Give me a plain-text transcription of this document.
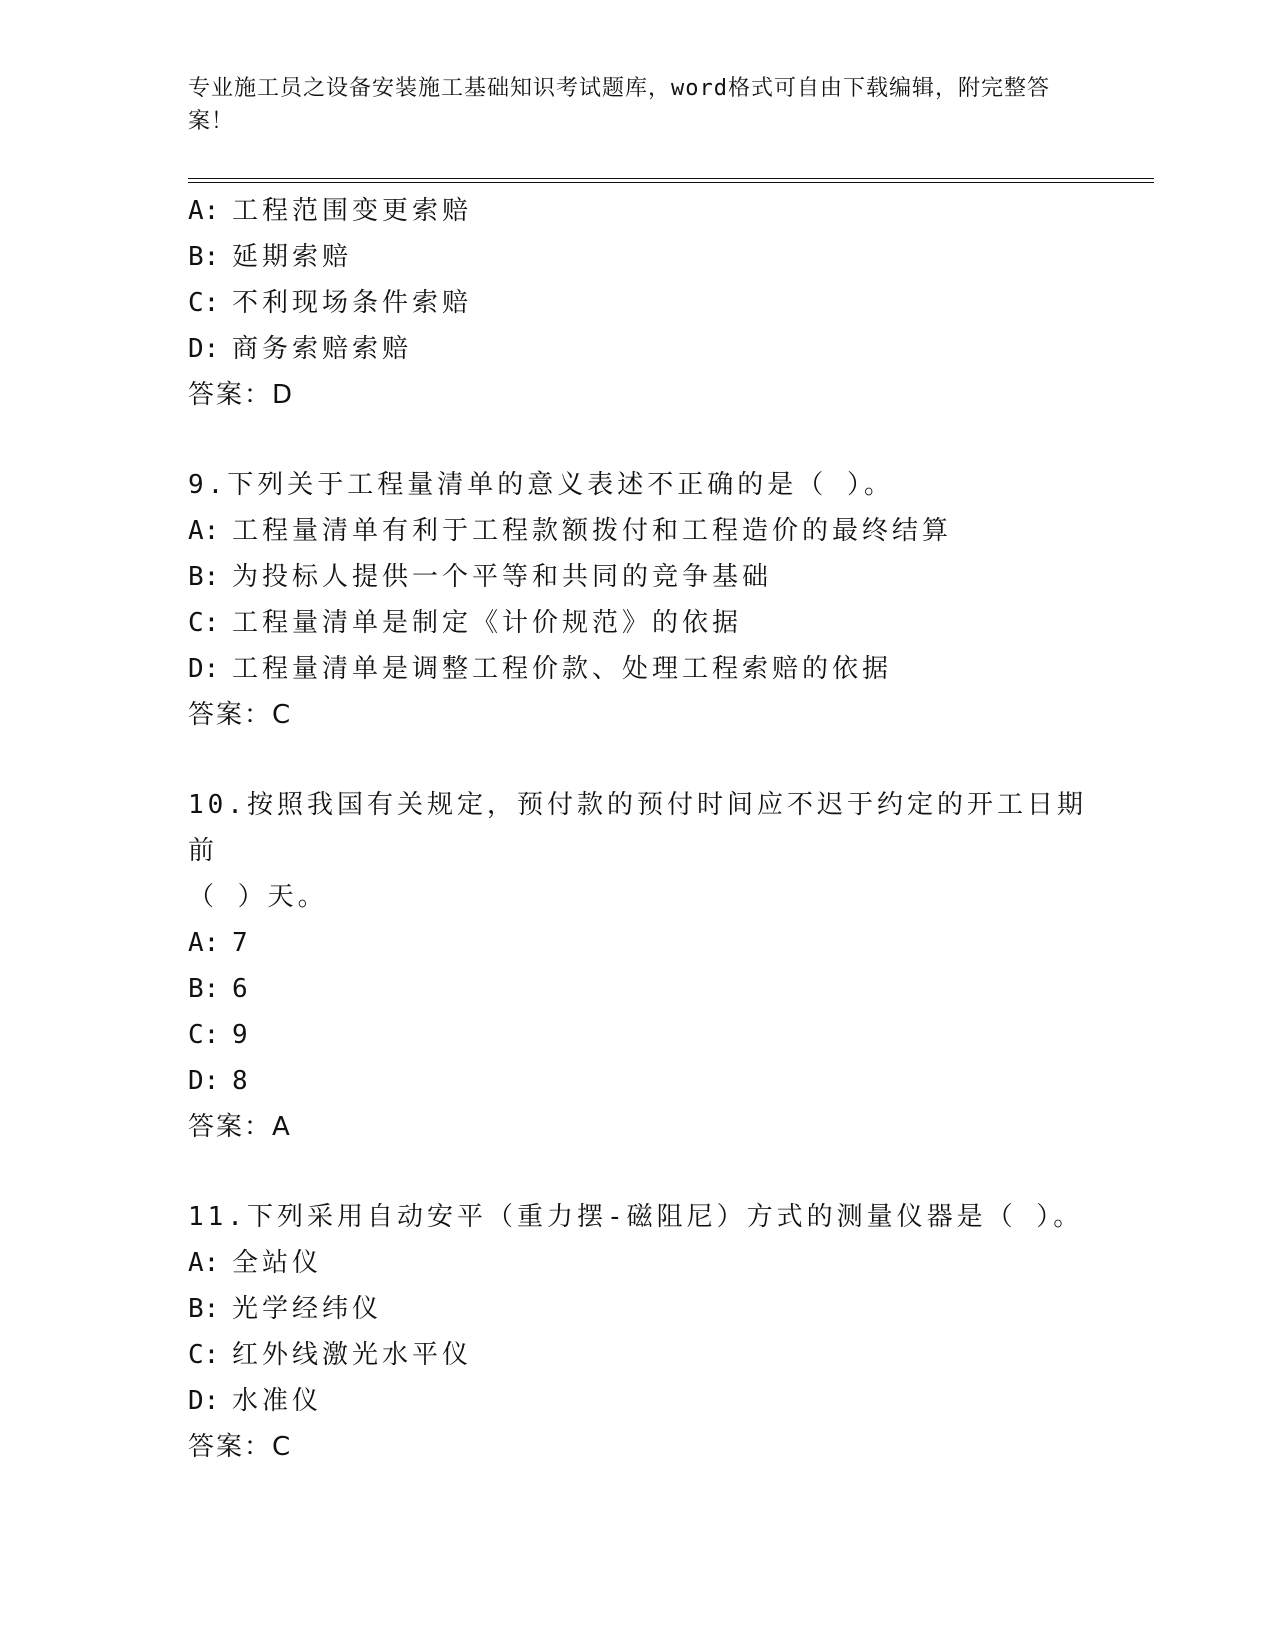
专业施工员之设备安装施工基础知识考试题库，word格式可自由下载编辑，附完整答案！
A: 工程范围变更索赔
B: 延期索赔
C: 不利现场条件索赔
D: 商务索赔索赔
答案：D
9.下列关于工程量清单的意义表述不正确的是（ ）。
A: 工程量清单有利于工程款额拨付和工程造价的最终结算
B: 为投标人提供一个平等和共同的竞争基础
C: 工程量清单是制定《计价规范》的依据
D: 工程量清单是调整工程价款、处理工程索赔的依据
答案：C
10.按照我国有关规定，预付款的预付时间应不迟于约定的开工日期前
（ ）天。
A: 7
B: 6
C: 9
D: 8
答案：A
11.下列采用自动安平（重力摆-磁阻尼）方式的测量仪器是（ ）。
A: 全站仪
B: 光学经纬仪
C: 红外线激光水平仪
D: 水准仪
答案：C
